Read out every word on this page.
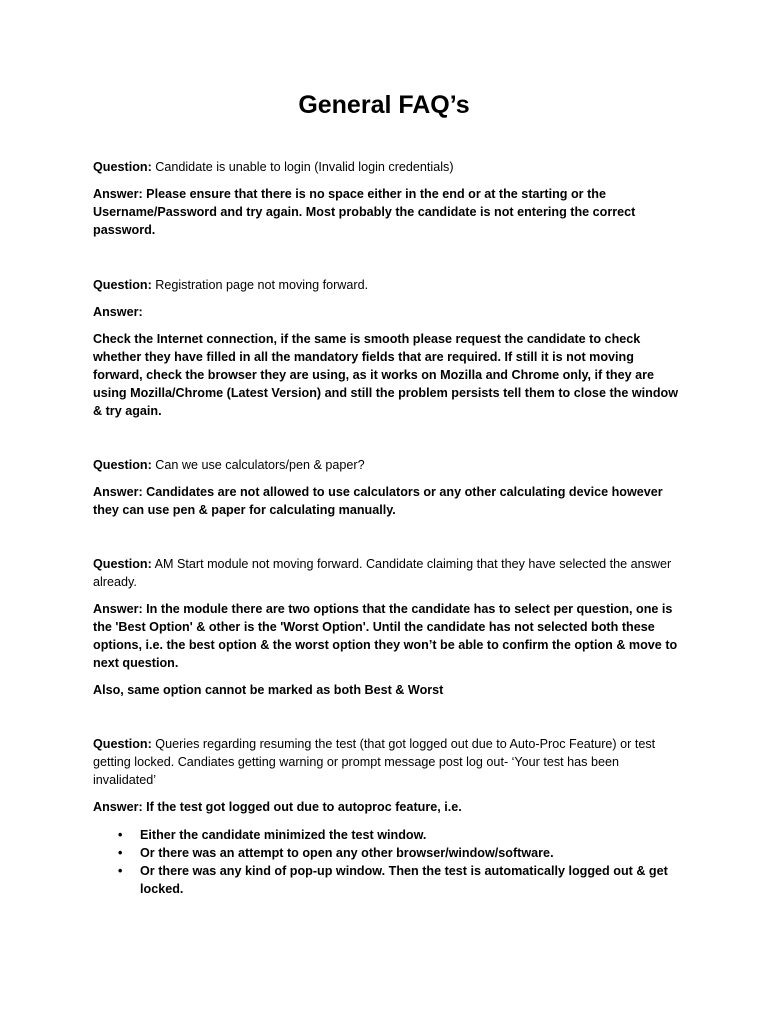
General FAQ’s
Question: Candidate is unable to login (Invalid login credentials)
Answer: Please ensure that there is no space either in the end or at the starting or the Username/Password and try again. Most probably the candidate is not entering the correct password.
Question: Registration page not moving forward.
Answer:
Check the Internet connection, if the same is smooth please request the candidate to check whether they have filled in all the mandatory fields that are required. If still it is not moving forward, check the browser they are using, as it works on Mozilla and Chrome only, if they are using Mozilla/Chrome (Latest Version) and still the problem persists tell them to close the window & try again.
Question: Can we use calculators/pen & paper?
Answer: Candidates are not allowed to use calculators or any other calculating device however they can use pen & paper for calculating manually.
Question: AM Start module not moving forward. Candidate claiming that they have selected the answer already.
Answer: In the module there are two options that the candidate has to select per question, one is the 'Best Option' & other is the 'Worst Option'. Until the candidate has not selected both these options, i.e. the best option & the worst option they won’t be able to confirm the option & move to next question.
Also, same option cannot be marked as both Best & Worst
Question: Queries regarding resuming the test (that got logged out due to Auto-Proc Feature) or test getting locked. Candiates getting warning or prompt message post log out- ‘Your test has been invalidated’
Answer: If the test got logged out due to autoproc feature, i.e.
• Either the candidate minimized the test window.
• Or there was an attempt to open any other browser/window/software.
• Or there was any kind of pop-up window. Then the test is automatically logged out & get locked.
